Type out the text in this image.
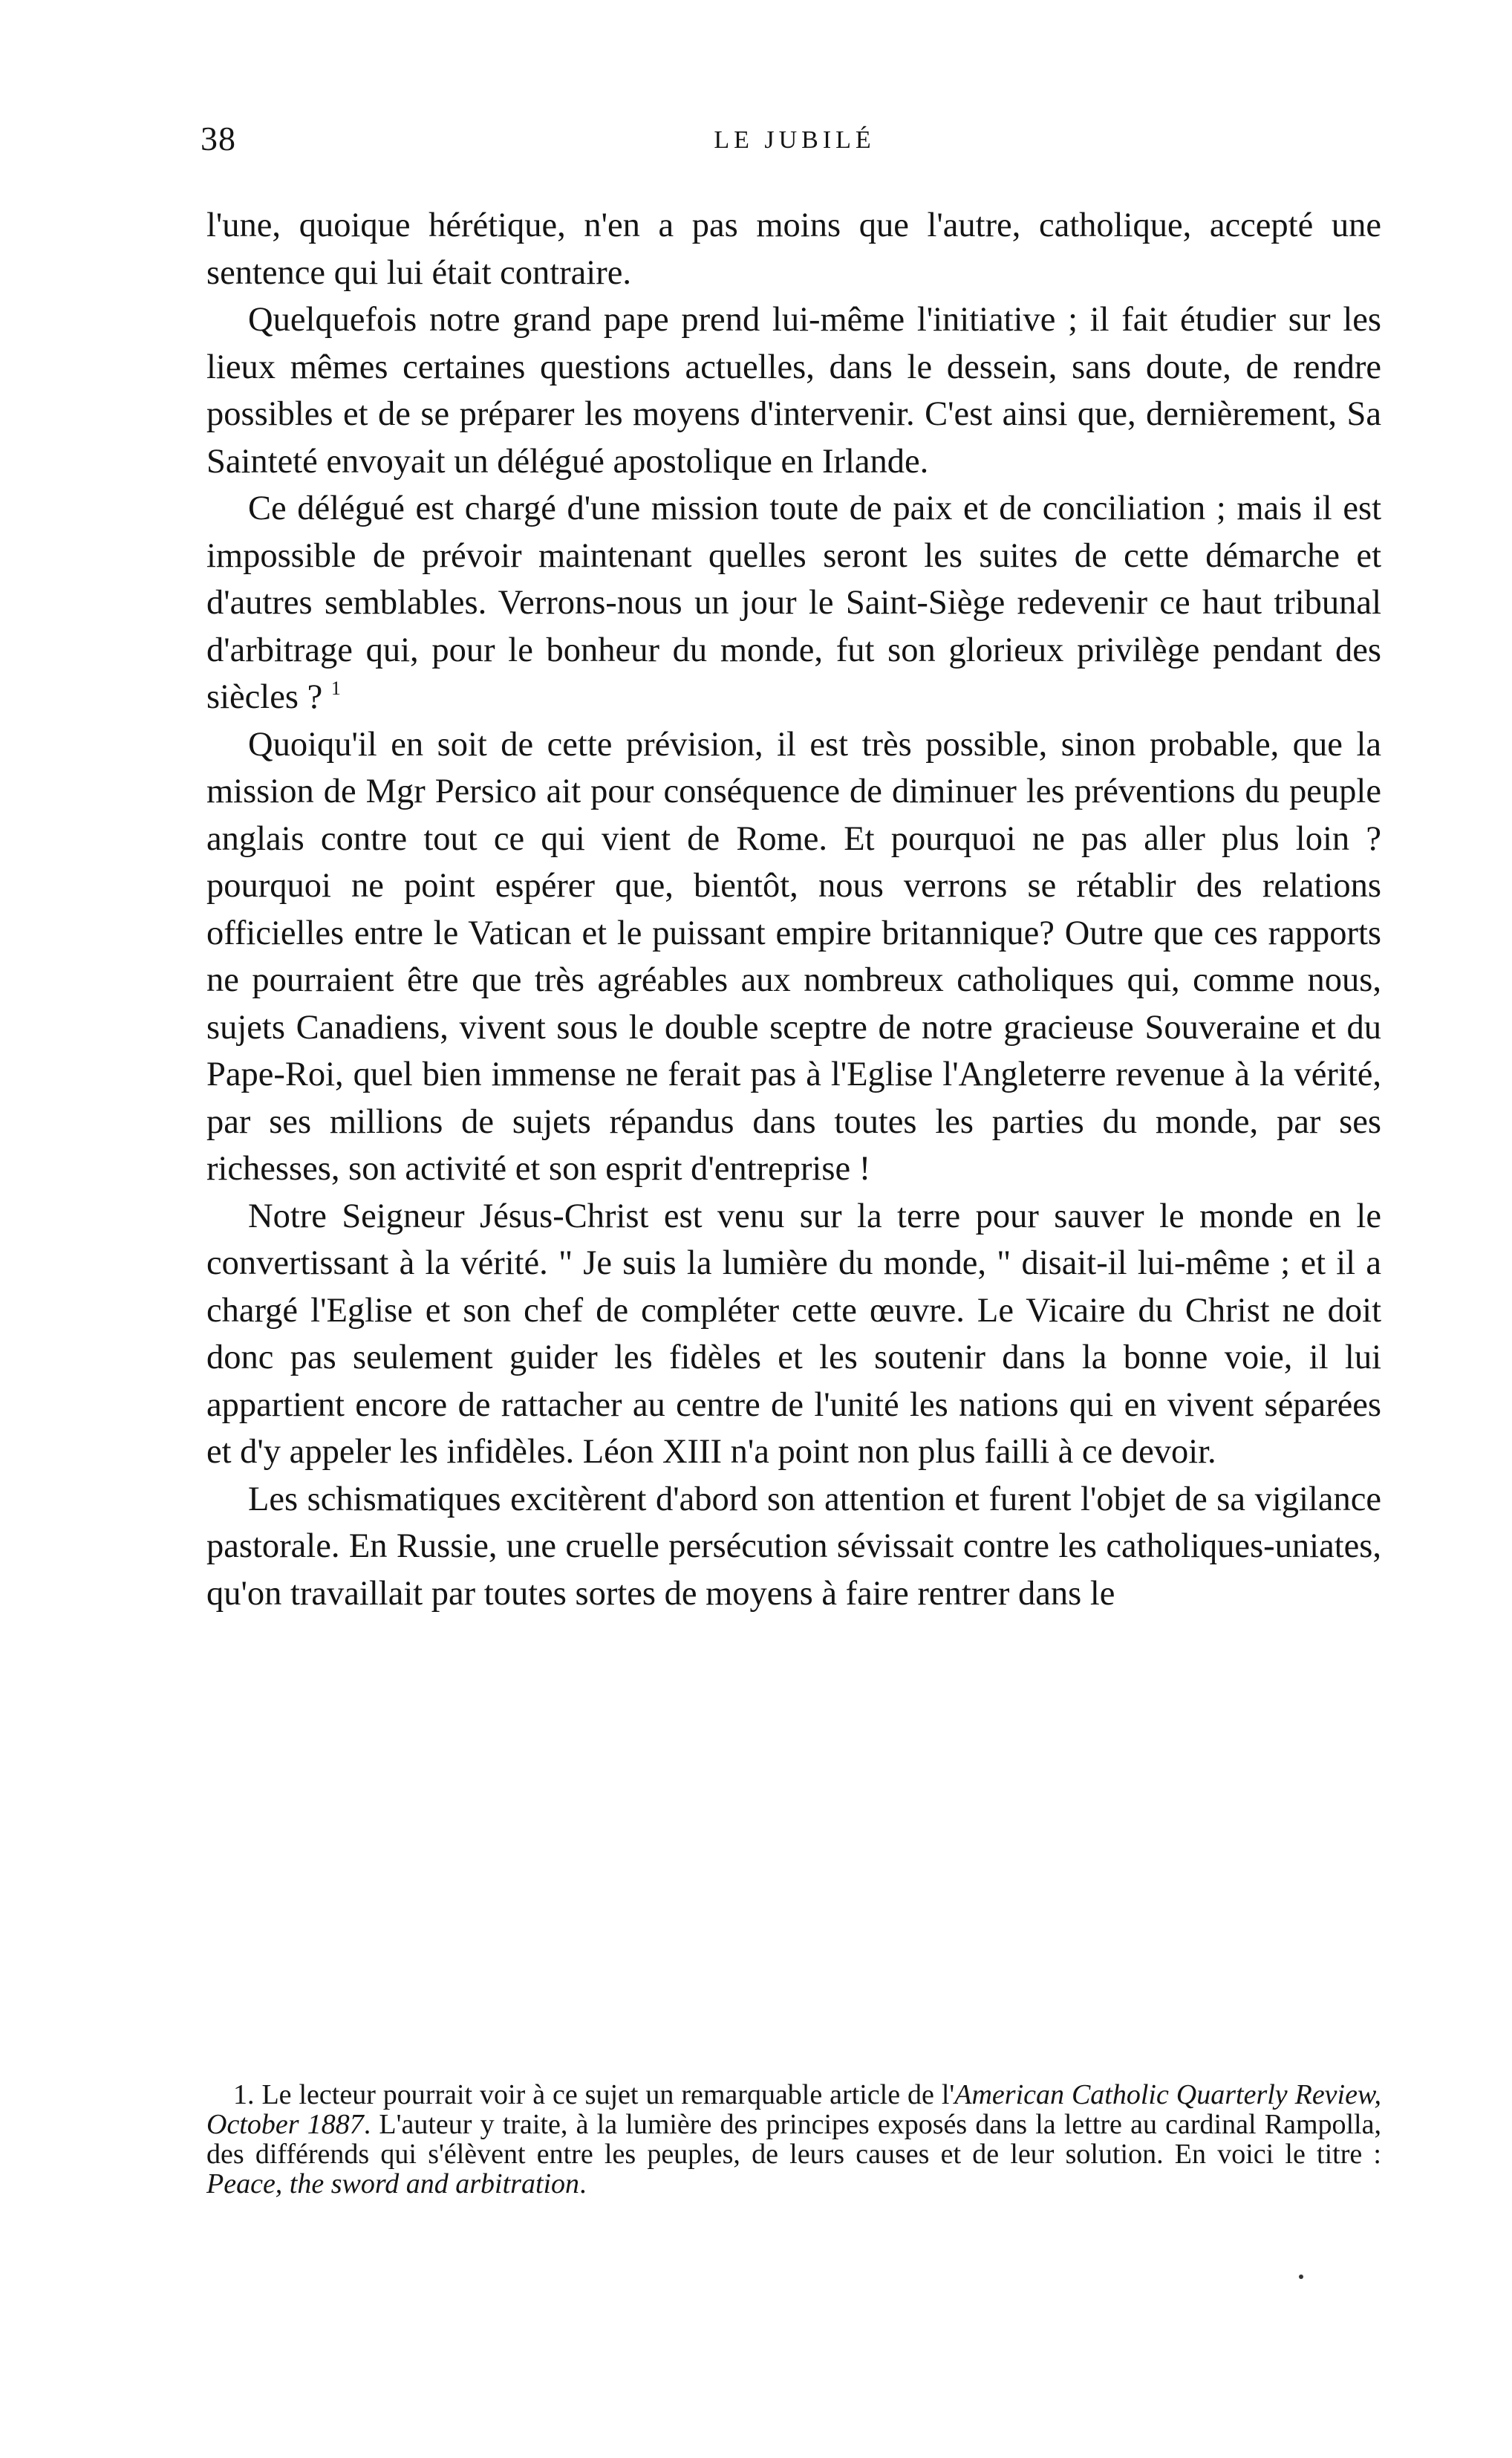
38	LE JUBILÉ

l'une, quoique hérétique, n'en a pas moins que l'autre, catholique, accepté une sentence qui lui était contraire.

Quelquefois notre grand pape prend lui-même l'initiative ; il fait étudier sur les lieux mêmes certaines questions actuelles, dans le dessein, sans doute, de rendre possibles et de se préparer les moyens d'intervenir. C'est ainsi que, dernièrement, Sa Sainteté envoyait un délégué apostolique en Irlande.

Ce délégué est chargé d'une mission toute de paix et de conciliation ; mais il est impossible de prévoir maintenant quelles seront les suites de cette démarche et d'autres semblables. Verrons-nous un jour le Saint-Siège redevenir ce haut tribunal d'arbitrage qui, pour le bonheur du monde, fut son glorieux privilège pendant des siècles ? $^1$

Quoiqu'il en soit de cette prévision, il est très possible, sinon probable, que la mission de Mgr Persico ait pour conséquence de diminuer les préventions du peuple anglais contre tout ce qui vient de Rome. Et pourquoi ne pas aller plus loin ? pourquoi ne point espérer que, bientôt, nous verrons se rétablir des relations officielles entre le Vatican et le puissant empire britannique? Outre que ces rapports ne pourraient être que très agréables aux nombreux catholiques qui, comme nous, sujets Canadiens, vivent sous le double sceptre de notre gracieuse Souveraine et du Pape-Roi, quel bien immense ne ferait pas à l'Eglise l'Angleterre revenue à la vérité, par ses millions de sujets répandus dans toutes les parties du monde, par ses richesses, son activité et son esprit d'entreprise !

Notre Seigneur Jésus-Christ est venu sur la terre pour sauver le monde en le convertissant à la vérité. " Je suis la lumière du monde, " disait-il lui-même ; et il a chargé l'Eglise et son chef de compléter cette œuvre. Le Vicaire du Christ ne doit donc pas seulement guider les fidèles et les soutenir dans la bonne voie, il lui appartient encore de rattacher au centre de l'unité les nations qui en vivent séparées et d'y appeler les infidèles. Léon XIII n'a point non plus failli à ce devoir.

Les schismatiques excitèrent d'abord son attention et furent l'objet de sa vigilance pastorale. En Russie, une cruelle persécution sévissait contre les catholiques-uniates, qu'on travaillait par toutes sortes de moyens à faire rentrer dans le

1. Le lecteur pourrait voir à ce sujet un remarquable article de l'American Catholic Quarterly Review, October 1887. L'auteur y traite, à la lumière des principes exposés dans la lettre au cardinal Rampolla, des différends qui s'élèvent entre les peuples, de leurs causes et de leur solution. En voici le titre : Peace, the sword and arbitration.
